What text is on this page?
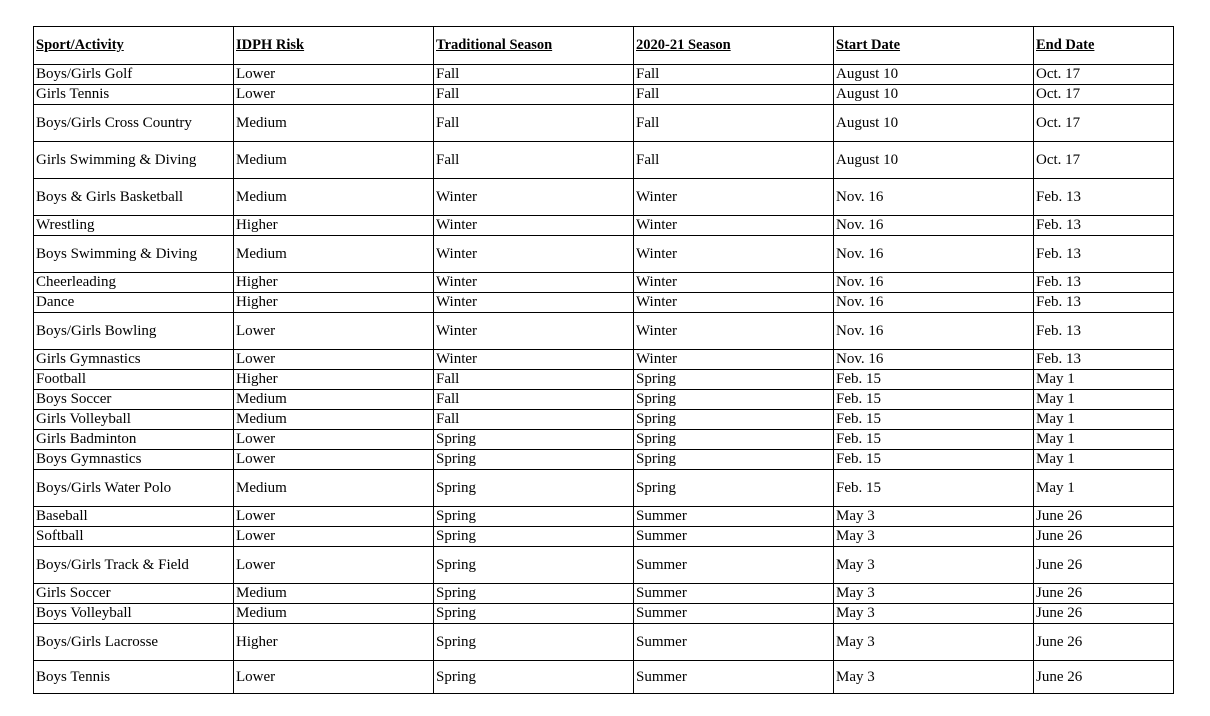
Sport/Activity	IDPH Risk	Traditional Season	2020-21 Season	Start Date	End Date
Boys/Girls Golf	Lower	Fall	Fall	August 10	Oct. 17
Girls Tennis	Lower	Fall	Fall	August 10	Oct. 17
Boys/Girls Cross Country	Medium	Fall	Fall	August 10	Oct. 17
Girls Swimming & Diving	Medium	Fall	Fall	August 10	Oct. 17
Boys & Girls Basketball	Medium	Winter	Winter	Nov. 16	Feb. 13
Wrestling	Higher	Winter	Winter	Nov. 16	Feb. 13
Boys Swimming & Diving	Medium	Winter	Winter	Nov. 16	Feb. 13
Cheerleading	Higher	Winter	Winter	Nov. 16	Feb. 13
Dance	Higher	Winter	Winter	Nov. 16	Feb. 13
Boys/Girls Bowling	Lower	Winter	Winter	Nov. 16	Feb. 13
Girls Gymnastics	Lower	Winter	Winter	Nov. 16	Feb. 13
Football	Higher	Fall	Spring	Feb. 15	May 1
Boys Soccer	Medium	Fall	Spring	Feb. 15	May 1
Girls Volleyball	Medium	Fall	Spring	Feb. 15	May 1
Girls Badminton	Lower	Spring	Spring	Feb. 15	May 1
Boys Gymnastics	Lower	Spring	Spring	Feb. 15	May 1
Boys/Girls Water Polo	Medium	Spring	Spring	Feb. 15	May 1
Baseball	Lower	Spring	Summer	May 3	June 26
Softball	Lower	Spring	Summer	May 3	June 26
Boys/Girls Track & Field	Lower	Spring	Summer	May 3	June 26
Girls Soccer	Medium	Spring	Summer	May 3	June 26
Boys Volleyball	Medium	Spring	Summer	May 3	June 26
Boys/Girls Lacrosse	Higher	Spring	Summer	May 3	June 26
Boys Tennis	Lower	Spring	Summer	May 3	June 26
